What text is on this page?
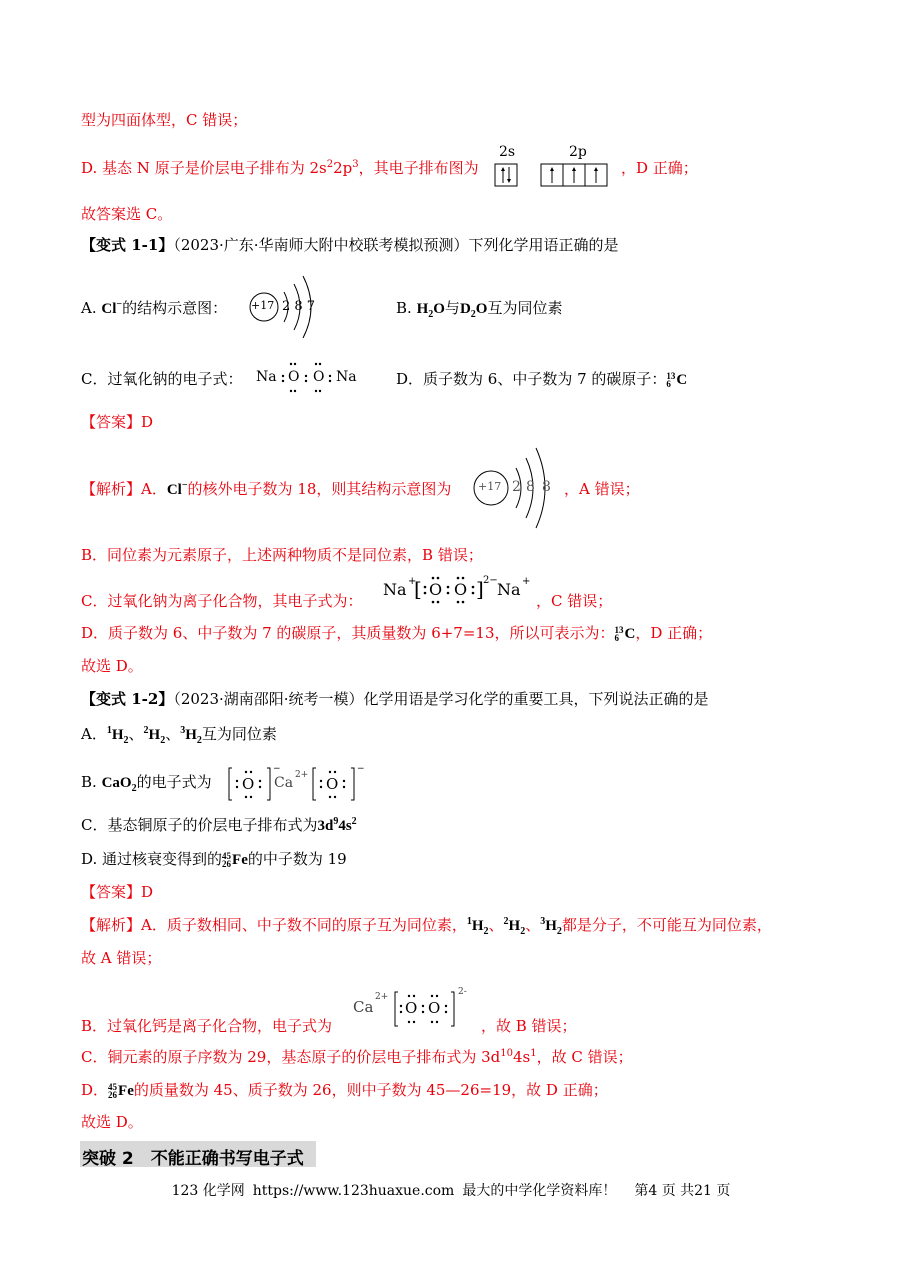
型为四面体型，C 错误；
D. 基态 N 原子是价层电子排布为 $2s^22p^3$，其电子排布图为
2s	2p
，D 正确；
故答案选 C。
【变式 1-1】（2023·广东·华南师大附中校联考模拟预测）下列化学用语正确的是
A. Cl−的结构示意图： +17 2 8 7	B. $H_2O$与$D_2O$互为同位素
C．过氧化钠的电子式： Na O O Na	D．质子数为 6、中子数为 7 的碳原子： 13
6 C
【答案】D
【解析】A．Cl−的核外电子数为 18，则其结构示意图为 +17 2 8 8 ，A 错误；
B．同位素为元素原子，上述两种物质不是同位素，B 错误；
C．过氧化钠为离子化合物，其电子式为：
Na +
[ O O ] 2− Na +
，C 错误；
D．质子数为 6、中子数为 7 的碳原子，其质量数为 6+7=13，所以可表示为： 13
6 C，D 正确；
故选 D。
【变式 1-2】（2023·湖南邵阳·统考一模）化学用语是学习化学的重要工具，下列说法正确的是
A．$^1H_2$、$^2H_2$、$^3H_2$互为同位素
B. CaO$_2$的电子式为 O
−
Ca 2+ O
−
C．基态铜原子的价层电子排布式为$3d^94s^2$
D. 通过核衰变得到的 45
26 Fe的中子数为 19
【答案】D
【解析】A．质子数相同、中子数不同的原子互为同位素，$^1H_2$、$^2H_2$、$^3H_2$都是分子，不可能互为同位素，
故 A 错误；
B．过氧化钙是离子化合物，电子式为
Ca
2+
O O
2-
，故 B 错误；
C．铜元素的原子序数为 29，基态原子的价层电子排布式为 $3d^{10}4s^1$，故 C 错误；
D． 45
26 Fe的质量数为 45、质子数为 26，则中子数为 45—26=19，故 D 正确；
故选 D。
突破 2　不能正确书写电子式
123 化学网 https://www.123huaxue.com 最大的中学化学资料库！ 第4 页 共21 页
